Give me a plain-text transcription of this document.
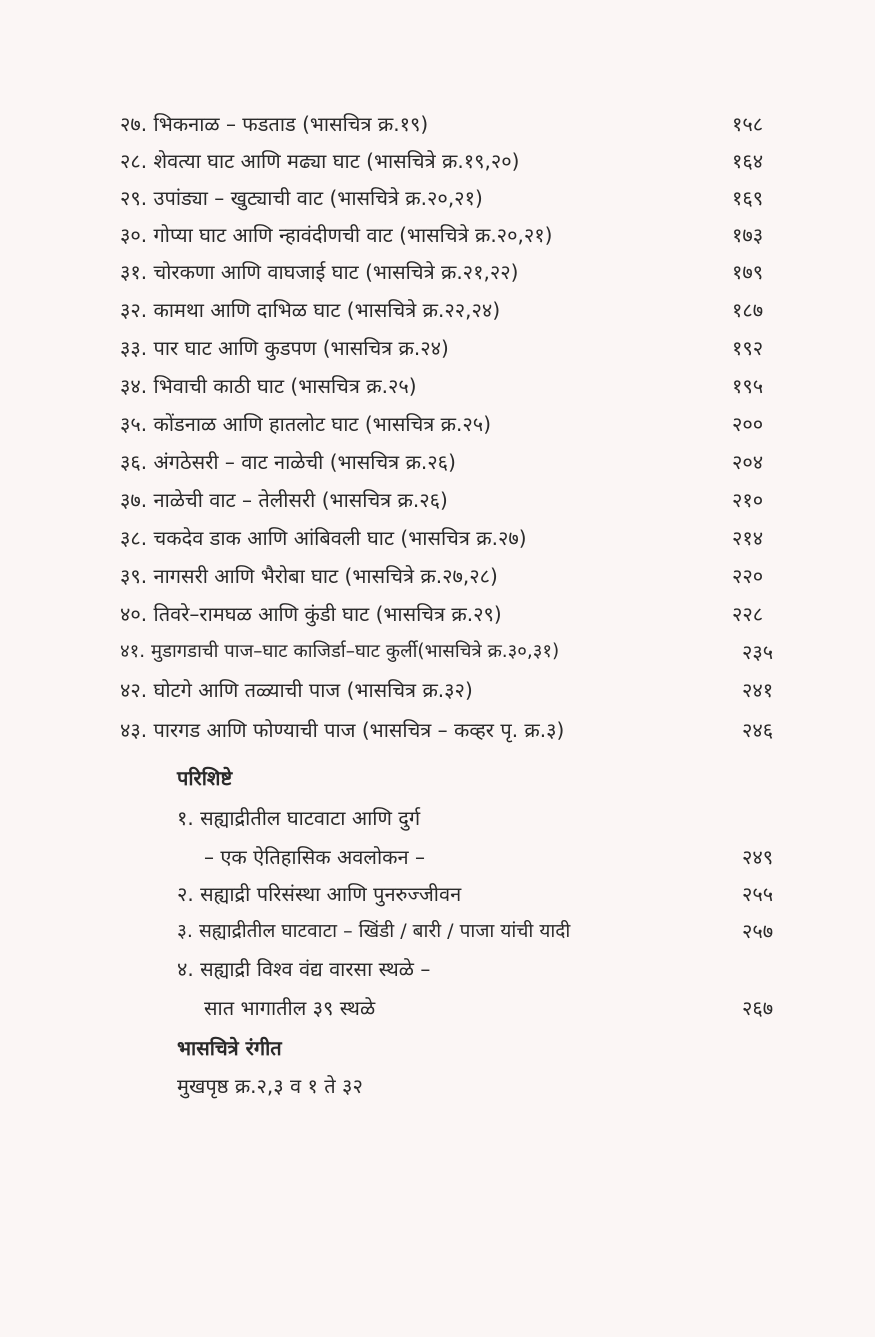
२७. भिकनाळ – फडताड (भासचित्र क्र.१९)	१५८
२८. शेवत्या घाट आणि मढ्या घाट (भासचित्रे क्र.१९,२०)	१६४
२९. उपांड्या – खुट्याची वाट (भासचित्रे क्र.२०,२१)	१६९
३०. गोप्या घाट आणि न्हावंदीणची वाट (भासचित्रे क्र.२०,२१)	१७३
३१. चोरकणा आणि वाघजाई घाट (भासचित्रे क्र.२१,२२)	१७९
३२. कामथा आणि दाभिळ घाट (भासचित्रे क्र.२२,२४)	१८७
३३. पार घाट आणि कुडपण (भासचित्र क्र.२४)	१९२
३४. भिवाची काठी घाट (भासचित्र क्र.२५)	१९५
३५. कोंडनाळ आणि हातलोट घाट (भासचित्र क्र.२५)	२००
३६. अंगठेसरी – वाट नाळेची (भासचित्र क्र.२६)	२०४
३७. नाळेची वाट – तेलीसरी (भासचित्र क्र.२६)	२१०
३८. चकदेव डाक आणि आंबिवली घाट (भासचित्र क्र.२७)	२१४
३९. नागसरी आणि भैरोबा घाट (भासचित्रे क्र.२७,२८)	२२०
४०. तिवरे–रामघळ आणि कुंडी घाट (भासचित्र क्र.२९)	२२८
४१. मुडागडाची पाज–घाट काजिर्डा–घाट कुर्ली(भासचित्रे क्र.३०,३१)	२३५
४२. घोटगे आणि तळ्याची पाज (भासचित्र क्र.३२)	२४१
४३. पारगड आणि फोण्याची पाज (भासचित्र – कव्हर पृ. क्र.३)	२४६
परिशिष्टे
१. सह्याद्रीतील घाटवाटा आणि दुर्ग
– एक ऐतिहासिक अवलोकन –	२४९
२. सह्याद्री परिसंस्था आणि पुनरुज्जीवन	२५५
३. सह्याद्रीतील घाटवाटा – खिंडी / बारी / पाजा यांची यादी	२५७
४. सह्याद्री विश्व वंद्य वारसा स्थळे –
सात भागातील ३९ स्थळे	२६७
भासचित्रे रंगीत
मुखपृष्ठ क्र.२,३ व १ ते ३२
